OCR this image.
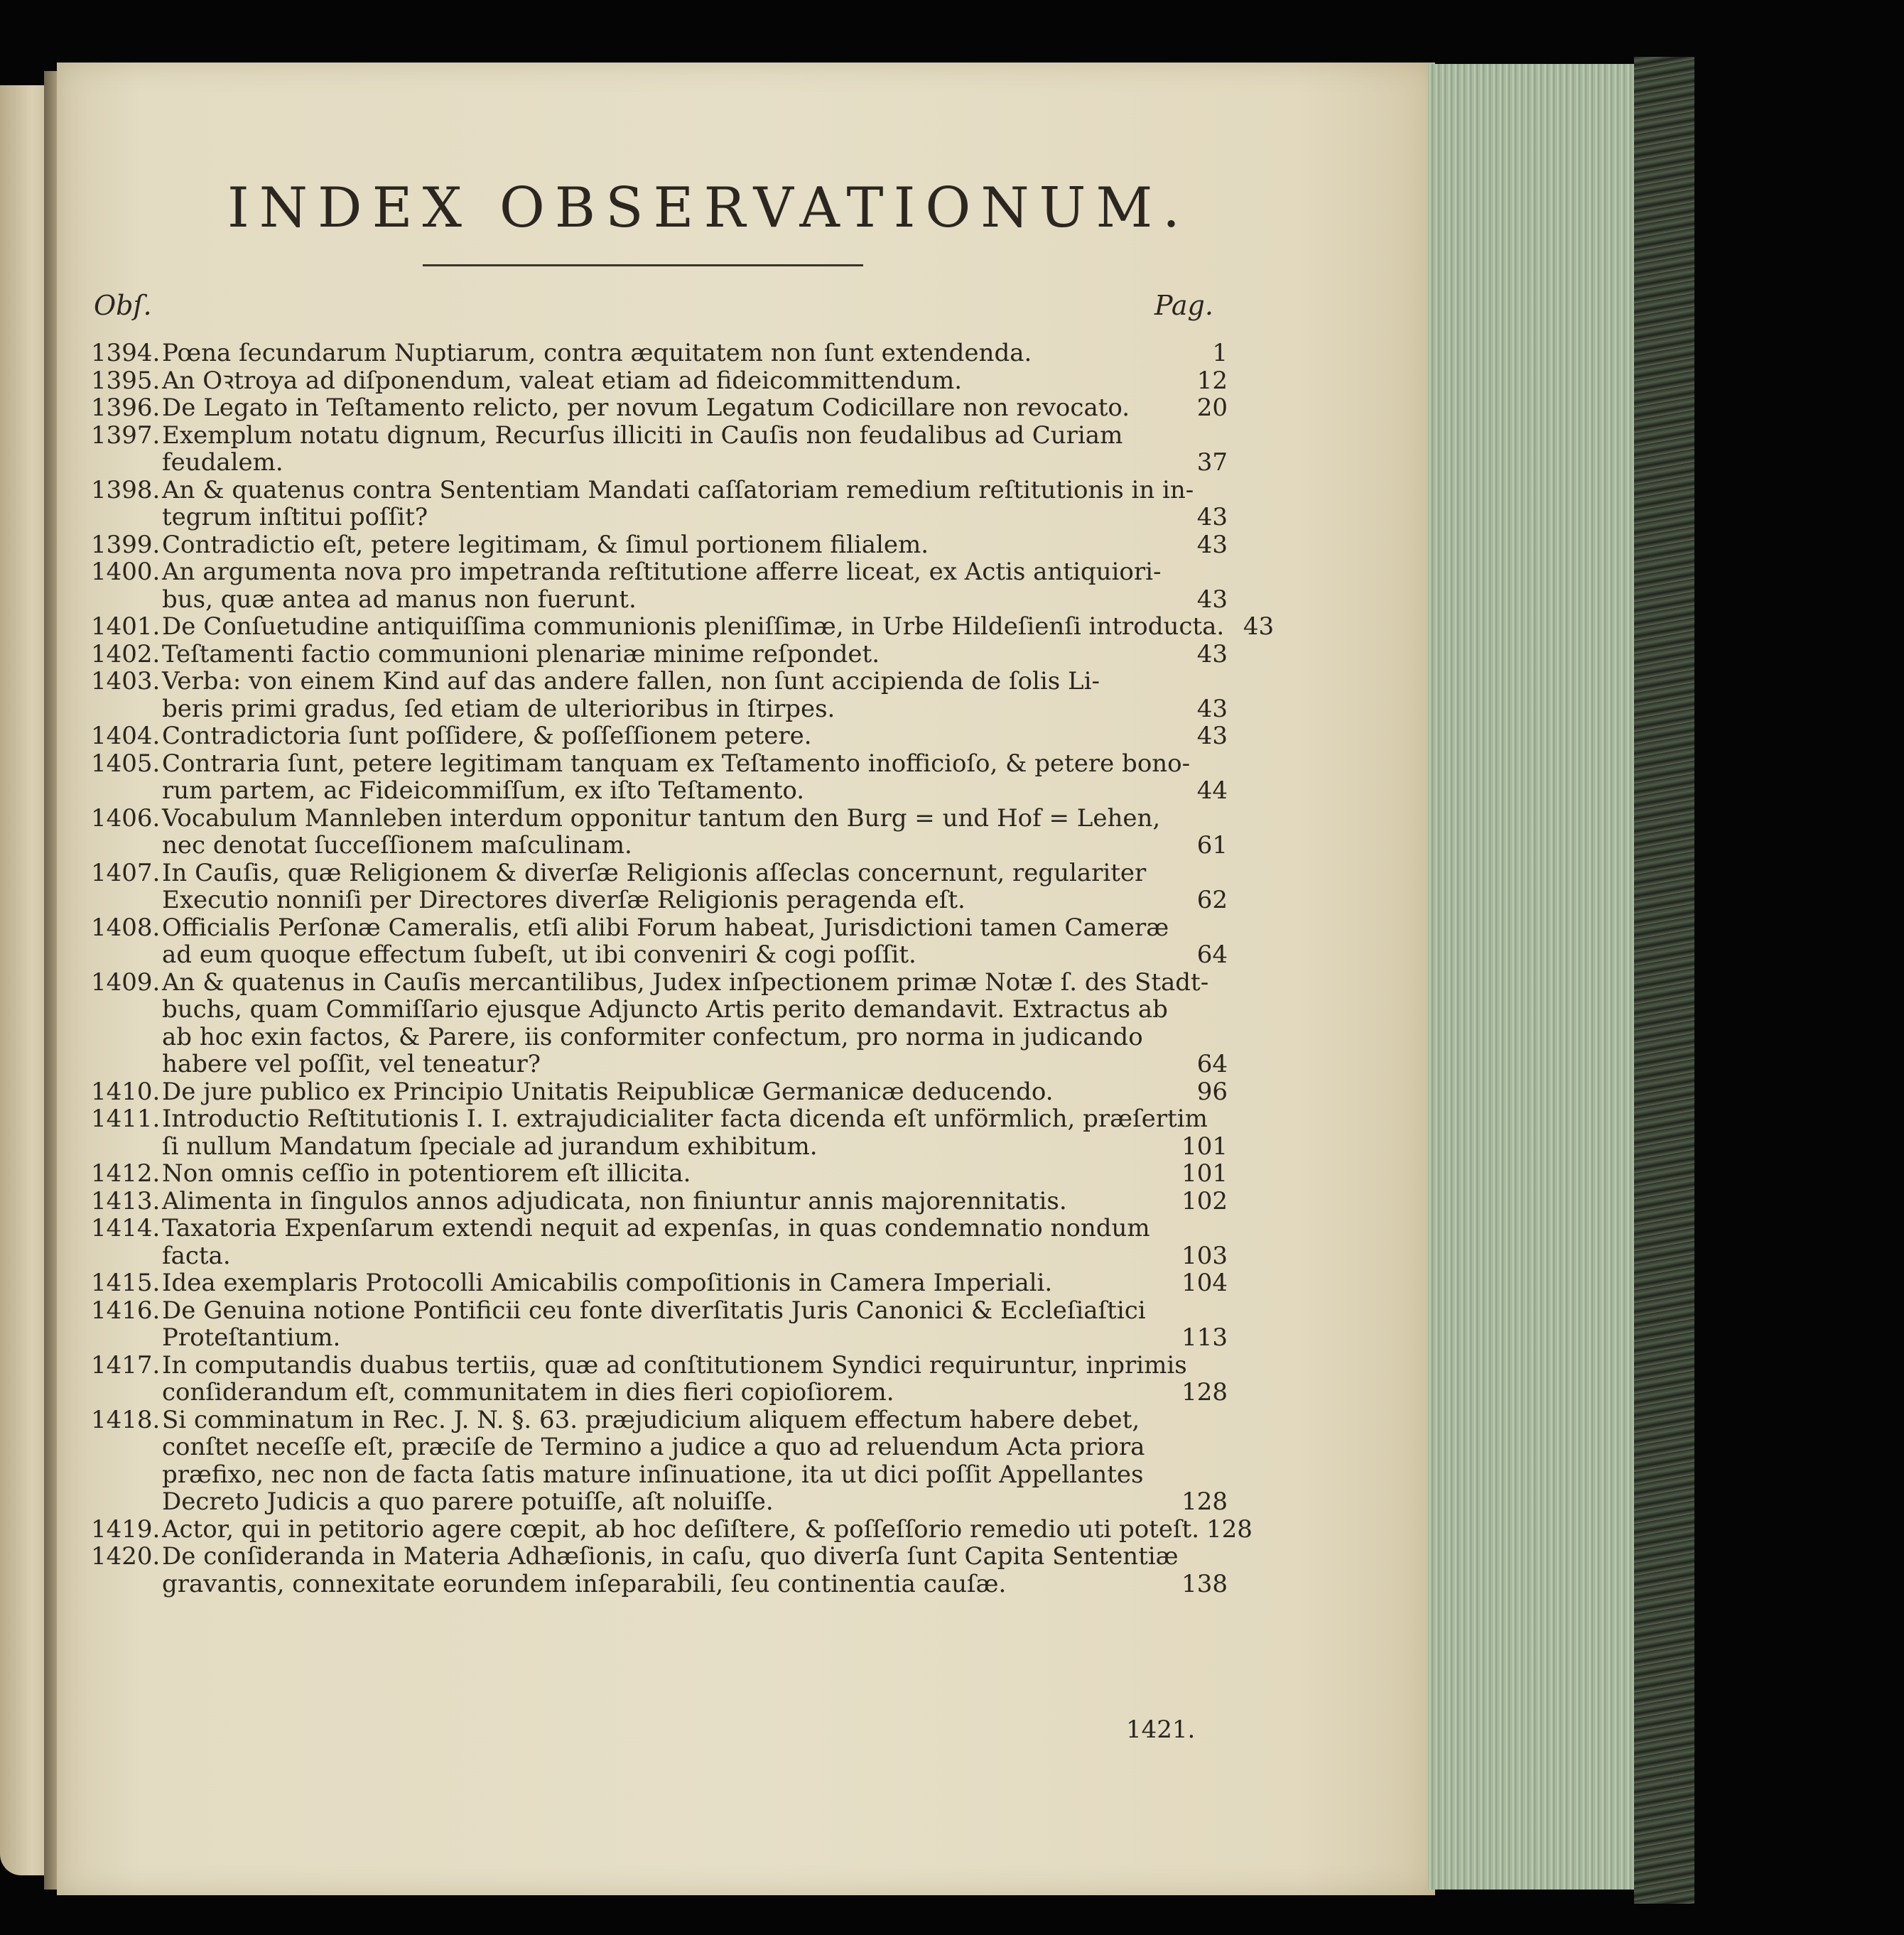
INDEX OBSERVATIONUM.
Obſ.	Pag.
1394. Pœna ſecundarum Nuptiarum, contra æquitatem non ſunt extendenda.	1
1395. An Oꝛtroya ad diſponendum, valeat etiam ad fideicommittendum.	12
1396. De Legato in Teſtamento relicto, per novum Legatum Codicillare non revocato.	20
1397. Exemplum notatu dignum, Recurſus illiciti in Cauſis non feudalibus ad Curiam
feudalem.	37
1398. An & quatenus contra Sententiam Mandati caſſatoriam remedium reſtitutionis in in-
tegrum inſtitui poſſit?	43
1399. Contradictio eſt, petere legitimam, & ſimul portionem filialem.	43
1400. An argumenta nova pro impetranda reſtitutione afferre liceat, ex Actis antiquiori-
bus, quæ antea ad manus non fuerunt.	43
1401. De Conſuetudine antiquiſſima communionis pleniſſimæ, in Urbe Hildeſienſi introducta. 43
1402. Teſtamenti factio communioni plenariæ minime reſpondet.	43
1403. Verba: von einem Kind auf das andere fallen, non ſunt accipienda de ſolis Li-
beris primi gradus, ſed etiam de ulterioribus in ſtirpes.	43
1404. Contradictoria ſunt poſſidere, & poſſeſſionem petere.	43
1405. Contraria ſunt, petere legitimam tanquam ex Teſtamento inofficioſo, & petere bono-
rum partem, ac Fideicommiſſum, ex iſto Teſtamento.	44
1406. Vocabulum Mannleben interdum opponitur tantum den Burg = und Hof = Lehen,
nec denotat ſucceſſionem maſculinam.	61
1407. In Cauſis, quæ Religionem & diverſæ Religionis aſſeclas concernunt, regulariter
Executio nonniſi per Directores diverſæ Religionis peragenda eſt.	62
1408. Officialis Perſonæ Cameralis, etſi alibi Forum habeat, Jurisdictioni tamen Cameræ
ad eum quoque effectum ſubeſt, ut ibi conveniri & cogi poſſit.	64
1409. An & quatenus in Cauſis mercantilibus, Judex inſpectionem primæ Notæ ſ. des Stadt-
buchs, quam Commiſſario ejusque Adjuncto Artis perito demandavit. Extractus ab
ab hoc exin factos, & Parere, iis conformiter confectum, pro norma in judicando
habere vel poſſit, vel teneatur?	64
1410. De jure publico ex Principio Unitatis Reipublicæ Germanicæ deducendo.	96
1411. Introductio Reſtitutionis I. I. extrajudicialiter facta dicenda eſt unförmlich, præſertim
ſi nullum Mandatum ſpeciale ad jurandum exhibitum.	101
1412. Non omnis ceſſio in potentiorem eſt illicita.	101
1413. Alimenta in ſingulos annos adjudicata, non finiuntur annis majorennitatis.	102
1414. Taxatoria Expenſarum extendi nequit ad expenſas, in quas condemnatio nondum
facta.	103
1415. Idea exemplaris Protocolli Amicabilis compoſitionis in Camera Imperiali.	104
1416. De Genuina notione Pontificii ceu fonte diverſitatis Juris Canonici & Eccleſiaſtici
Proteſtantium.	113
1417. In computandis duabus tertiis, quæ ad conſtitutionem Syndici requiruntur, inprimis
conſiderandum eſt, communitatem in dies fieri copioſiorem.	128
1418. Si comminatum in Rec. J. N. §. 63. præjudicium aliquem effectum habere debet,
conſtet neceſſe eſt, præciſe de Termino a judice a quo ad reluendum Acta priora
præfixo, nec non de facta ſatis mature inſinuatione, ita ut dici poſſit Appellantes
Decreto Judicis a quo parere potuiſſe, aſt noluiſſe.	128
1419. Actor, qui in petitorio agere cœpit, ab hoc deſiſtere, & poſſeſſorio remedio uti poteſt. 128
1420. De conſideranda in Materia Adhæſionis, in caſu, quo diverſa ſunt Capita Sententiæ
gravantis, connexitate eorundem inſeparabili, ſeu continentia cauſæ.	138
1421.
